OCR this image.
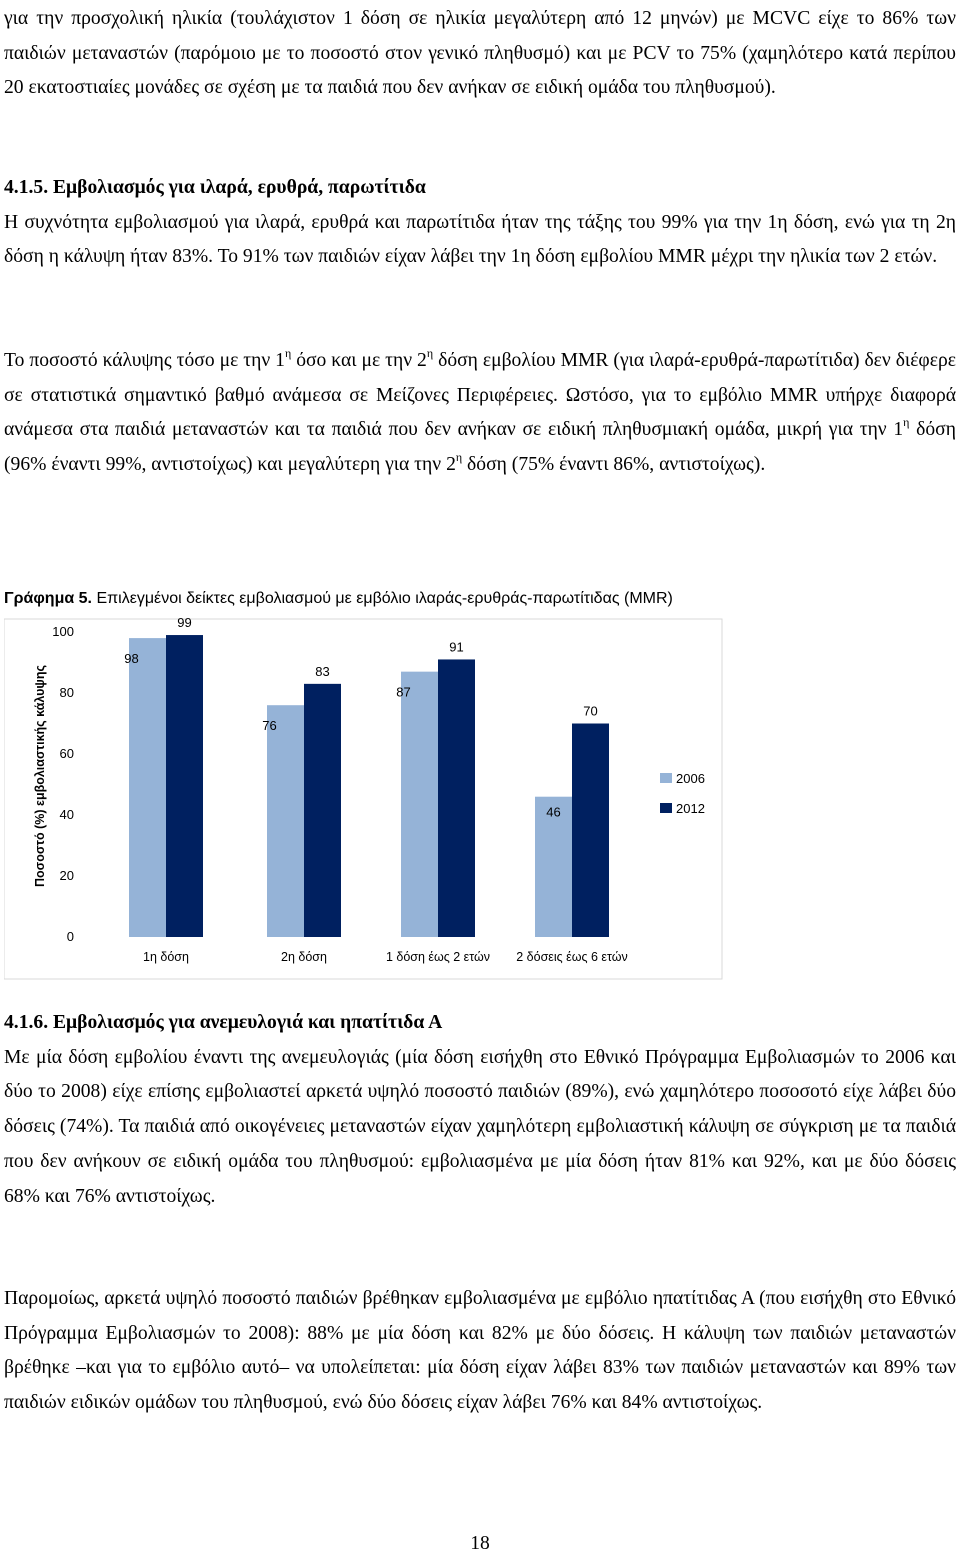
για την προσχολική ηλικία (τουλάχιστον 1 δόση σε ηλικία μεγαλύτερη από 12 μηνών) με MCVC είχε το 86% των παιδιών μεταναστών (παρόμοιο με το ποσοστό στον γενικό πληθυσμό) και με PCV το 75% (χαμηλότερο κατά περίπου 20 εκατοστιαίες μονάδες σε σχέση με τα παιδιά που δεν ανήκαν σε ειδική ομάδα του πληθυσμού).

4.1.5. Εμβολιασμός για ιλαρά, ερυθρά, παρωτίτιδα

Η συχνότητα εμβολιασμού για ιλαρά, ερυθρά και παρωτίτιδα ήταν της τάξης του 99% για την 1η δόση, ενώ για τη 2η δόση η κάλυψη ήταν 83%. Το 91% των παιδιών είχαν λάβει την 1η δόση εμβολίου MMR μέχρι την ηλικία των 2 ετών.

Το ποσοστό κάλυψης τόσο με την $1^\eta$ όσο και με την $2^\eta$ δόση εμβολίου MMR (για ιλαρά-ερυθρά-παρωτίτιδα) δεν διέφερε σε στατιστικά σημαντικό βαθμό ανάμεσα σε Μείζονες Περιφέρειες. Ωστόσο, για το εμβόλιο MMR υπήρχε διαφορά ανάμεσα στα παιδιά μεταναστών και τα παιδιά που δεν ανήκαν σε ειδική πληθυσμιακή ομάδα, μικρή για την $1^\eta$ δόση (96% έναντι 99%, αντιστοίχως) και μεγαλύτερη για την $2^\eta$ δόση (75% έναντι 86%, αντιστοίχως).

Γράφημα 5. Επιλεγμένοι δείκτες εμβολιασμού με εμβόλιο ιλαράς-ερυθράς-παρωτίτιδας (MMR)
Ποσοστό (%) εμβολιαστικής κάλυψης
0
20
40
60
80
100
98
76
87
46
99
83
91
70
1η δόση	2η δόση	1 δόση έως 2 ετών 2 δόσεις έως 6 ετών
2006
2012
4.1.6. Εμβολιασμός για ανεμευλογιά και ηπατίτιδα Α

Με μία δόση εμβολίου έναντι της ανεμευλογιάς (μία δόση εισήχθη στο Εθνικό Πρόγραμμα Εμβολιασμών το 2006 και δύο το 2008) είχε επίσης εμβολιαστεί αρκετά υψηλό ποσοστό παιδιών (89%), ενώ χαμηλότερο ποσοσοτό είχε λάβει δύο δόσεις (74%). Τα παιδιά από οικογένειες μεταναστών είχαν χαμηλότερη εμβολιαστική κάλυψη σε σύγκριση με τα παιδιά που δεν ανήκουν σε ειδική ομάδα του πληθυσμού: εμβολιασμένα με μία δόση ήταν 81% και 92%, και με δύο δόσεις 68% και 76% αντιστοίχως.

Παρομοίως, αρκετά υψηλό ποσοστό παιδιών βρέθηκαν εμβολιασμένα με εμβόλιο ηπατίτιδας Α (που εισήχθη στο Εθνικό Πρόγραμμα Εμβολιασμών το 2008): 88% με μία δόση και 82% με δύο δόσεις. Η κάλυψη των παιδιών μεταναστών βρέθηκε –και για το εμβόλιο αυτό– να υπολείπεται: μία δόση είχαν λάβει 83% των παιδιών μεταναστών και 89% των παιδιών ειδικών ομάδων του πληθυσμού, ενώ δύο δόσεις είχαν λάβει 76% και 84% αντιστοίχως.

18
